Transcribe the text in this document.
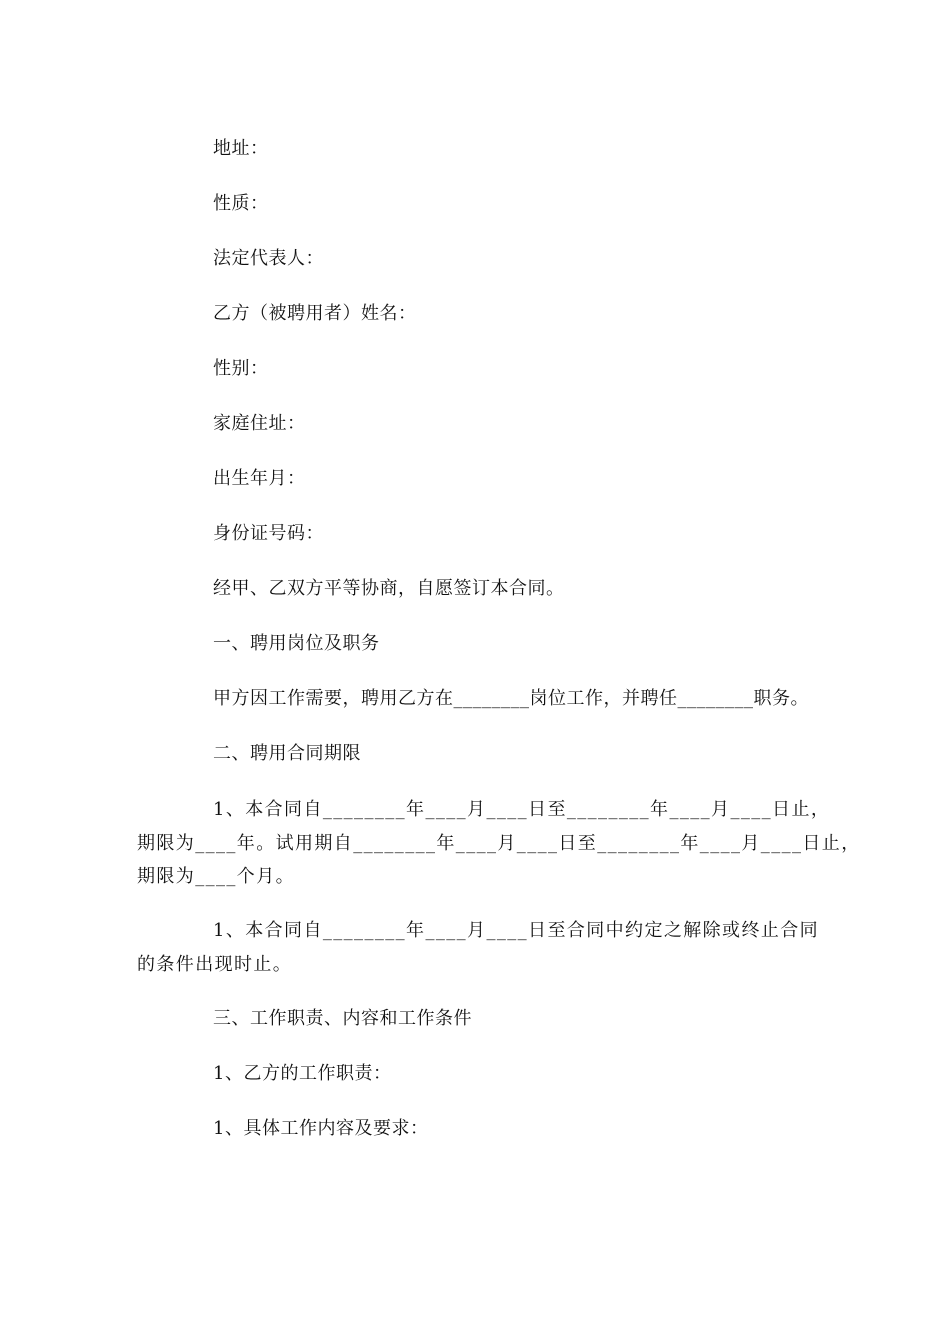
地址：
性质：
法定代表人：
乙方（被聘用者）姓名：
性别：
家庭住址：
出生年月：
身份证号码：
经甲、乙双方平等协商，自愿签订本合同。
一、聘用岗位及职务
甲方因工作需要，聘用乙方在________岗位工作，并聘任________职务。
二、聘用合同期限
1、本合同自________年____月____日至________年____月____日止，
期限为____年。试用期自________年____月____日至________年____月____日止，
期限为____个月。
1、本合同自________年____月____日至合同中约定之解除或终止合同
的条件出现时止。
三、工作职责、内容和工作条件
1、乙方的工作职责：
1、具体工作内容及要求：
